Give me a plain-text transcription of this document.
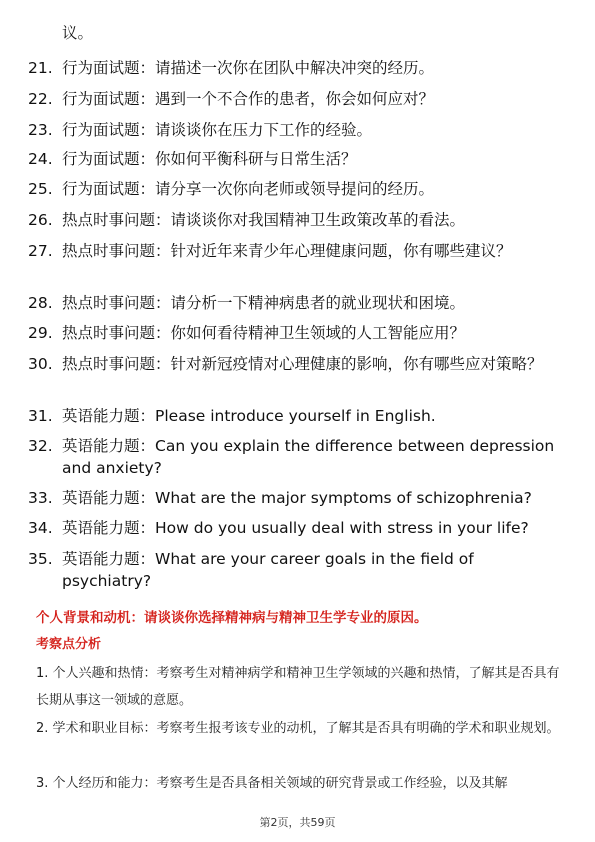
议。
21. 行为面试题：请描述一次你在团队中解决冲突的经历。
22. 行为面试题：遇到一个不合作的患者，你会如何应对？
23. 行为面试题：请谈谈你在压力下工作的经验。
24. 行为面试题：你如何平衡科研与日常生活？
25. 行为面试题：请分享一次你向老师或领导提问的经历。
26. 热点时事问题：请谈谈你对我国精神卫生政策改革的看法。
27. 热点时事问题：针对近年来青少年心理健康问题，你有哪些建议？
28. 热点时事问题：请分析一下精神病患者的就业现状和困境。
29. 热点时事问题：你如何看待精神卫生领域的人工智能应用？
30. 热点时事问题：针对新冠疫情对心理健康的影响，你有哪些应对策略？
31. 英语能力题：Please introduce yourself in English.
32. 英语能力题：Can you explain the difference between depression and anxiety?
33. 英语能力题：What are the major symptoms of schizophrenia?
34. 英语能力题：How do you usually deal with stress in your life?
35. 英语能力题：What are your career goals in the field of psychiatry?
个人背景和动机：请谈谈你选择精神病与精神卫生学专业的原因。
考察点分析
1. 个人兴趣和热情：考察考生对精神病学和精神卫生学领域的兴趣和热情，了解其是否具有长期从事这一领域的意愿。
2. 学术和职业目标：考察考生报考该专业的动机，了解其是否具有明确的学术和职业规划。
3. 个人经历和能力：考察考生是否具备相关领域的研究背景或工作经验，以及其解
第2页，共59页
